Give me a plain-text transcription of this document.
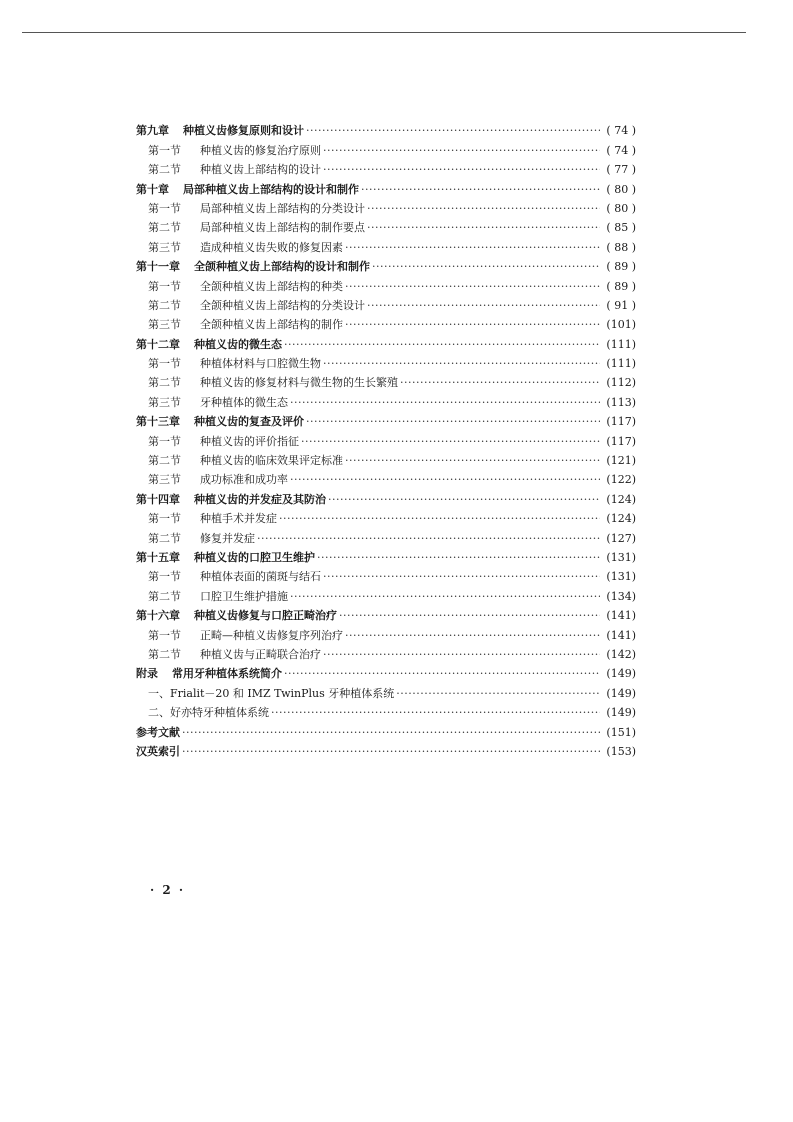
第九章 种植义齿修复原则和设计 ·····	( 74 )
第一节 种植义齿的修复治疗原则 ·····	( 74 )
第二节 种植义齿上部结构的设计 ·····	( 77 )
第十章 局部种植义齿上部结构的设计和制作 ·····	( 80 )
第一节 局部种植义齿上部结构的分类设计 ·····	( 80 )
第二节 局部种植义齿上部结构的制作要点 ·····	( 85 )
第三节 造成种植义齿失败的修复因素 ·····	( 88 )
第十一章 全颌种植义齿上部结构的设计和制作 ·····	( 89 )
第一节 全颌种植义齿上部结构的种类 ·····	( 89 )
第二节 全颌种植义齿上部结构的分类设计 ·····	( 91 )
第三节 全颌种植义齿上部结构的制作 ·····	(101)
第十二章 种植义齿的微生态 ·····	(111)
第一节 种植体材料与口腔微生物 ·····	(111)
第二节 种植义齿的修复材料与微生物的生长繁殖 ·····	(112)
第三节 牙种植体的微生态 ·····	(113)
第十三章 种植义齿的复查及评价 ·····	(117)
第一节 种植义齿的评价指征 ·····	(117)
第二节 种植义齿的临床效果评定标准 ·····	(121)
第三节 成功标准和成功率 ·····	(122)
第十四章 种植义齿的并发症及其防治 ·····	(124)
第一节 种植手术并发症 ·····	(124)
第二节 修复并发症 ·····	(127)
第十五章 种植义齿的口腔卫生维护 ·····	(131)
第一节 种植体表面的菌斑与结石 ·····	(131)
第二节 口腔卫生维护措施 ·····	(134)
第十六章 种植义齿修复与口腔正畸治疗 ·····	(141)
第一节 正畸—种植义齿修复序列治疗 ·····	(141)
第二节 种植义齿与正畸联合治疗 ·····	(142)
附录 常用牙种植体系统简介 ·····	(149)
一、Frialit－20 和 IMZ TwinPlus 牙种植体系统 ·····	(149)
二、好亦特牙种植体系统 ·····	(149)
参考文献 ·····	(151)
汉英索引 ·····	(153)
· 2 ·
